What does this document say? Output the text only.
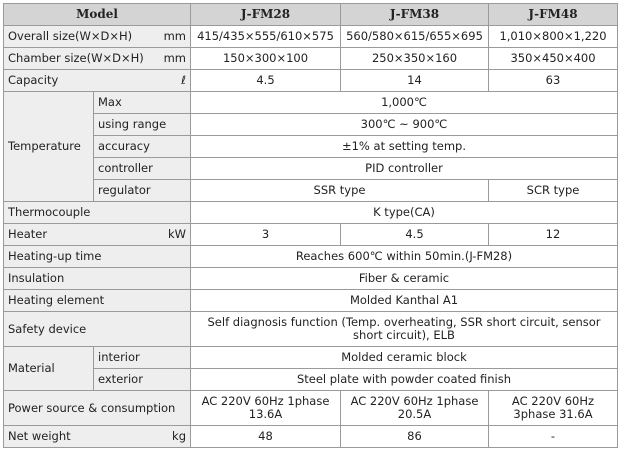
Model		J-FM28	J-FM38	J-FM48

Overall size(W×D×H) mm		415/435×555/610×575	560/580×615/655×695	1,010×800×1,220

Chamber size(W×D×H) mm		150×300×100	250×350×160	350×450×400

Capacity ℓ		4.5	14	63
Temperature	Max	1,000℃		
	using range	300℃ ~ 900℃		
	accuracy	±1% at setting temp.		
	controller	PID controller		
	regulator	SSR type		SCR type
Thermocouple		K type(CA)		

Heater kW		3	4.5	12
Heating-up time		Reaches 600℃ within 50min.(J-FM28)		
Insulation		Fiber & ceramic		
Heating element		Molded Kanthal A1		
Safety device		Self diagnosis function (Temp. overheating, SSR short circuit, sensor short circuit), ELB		
Material	interior	Molded ceramic block		
	exterior	Steel plate with powder coated finish		
Power source & consumption		AC 220V 60Hz 1phase 13.6A	AC 220V 60Hz 1phase 20.5A	AC 220V 60Hz 3phase 31.6A

Net weight kg		48	86	-
